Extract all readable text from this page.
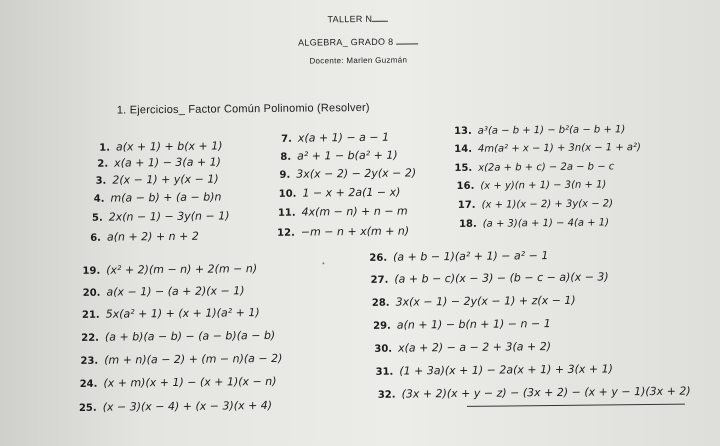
TALLER N
ALGEBRA_ GRADO 8
Docente: Marlen Guzmán
1. Ejercicios_ Factor Común Polinomio (Resolver)
1. a(x + 1) + b(x + 1)
2. x(a + 1) − 3(a + 1)
3. 2(x − 1) + y(x − 1)
4. m(a − b) + (a − b)n
5. 2x(n − 1) − 3y(n − 1)
6. a(n + 2) + n + 2
7. x(a + 1) − a − 1
8. a² + 1 − b(a² + 1)
9. 3x(x − 2) − 2y(x − 2)
10. 1 − x + 2a(1 − x)
11. 4x(m − n) + n − m
12. −m − n + x(m + n)
13. a³(a − b + 1) − b²(a − b + 1)
14. 4m(a² + x − 1) + 3n(x − 1 + a²)
15. x(2a + b + c) − 2a − b − c
16. (x + y)(n + 1) − 3(n + 1)
17. (x + 1)(x − 2) + 3y(x − 2)
18. (a + 3)(a + 1) − 4(a + 1)
19. (x² + 2)(m − n) + 2(m − n)
20. a(x − 1) − (a + 2)(x − 1)
21. 5x(a² + 1) + (x + 1)(a² + 1)
22. (a + b)(a − b) − (a − b)(a − b)
23. (m + n)(a − 2) + (m − n)(a − 2)
24. (x + m)(x + 1) − (x + 1)(x − n)
25. (x − 3)(x − 4) + (x − 3)(x + 4)
26. (a + b − 1)(a² + 1) − a² − 1
27. (a + b − c)(x − 3) − (b − c − a)(x − 3)
28. 3x(x − 1) − 2y(x − 1) + z(x − 1)
29. a(n + 1) − b(n + 1) − n − 1
30. x(a + 2) − a − 2 + 3(a + 2)
31. (1 + 3a)(x + 1) − 2a(x + 1) + 3(x + 1)
32. (3x + 2)(x + y − z) − (3x + 2) − (x + y − 1)(3x + 2)
